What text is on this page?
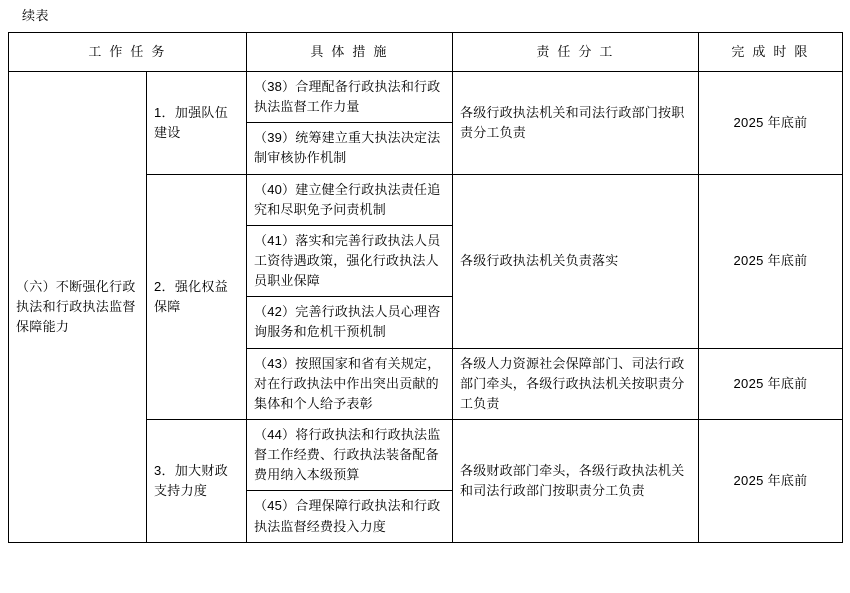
续表
工 作 任 务		具 体 措 施	责 任 分 工	完 成 时 限
（六）不断强化行政执法和行政执法监督保障能力	1．加强队伍建设	（38）合理配备行政执法和行政执法监督工作力量	各级行政执法机关和司法行政部门按职责分工负责	2025 年底前
		（39）统筹建立重大执法决定法制审核协作机制		
	2．强化权益保障	（40）建立健全行政执法责任追究和尽职免予问责机制	各级行政执法机关负责落实	2025 年底前
		（41）落实和完善行政执法人员工资待遇政策，强化行政执法人员职业保障		
		（42）完善行政执法人员心理咨询服务和危机干预机制		
		（43）按照国家和省有关规定，对在行政执法中作出突出贡献的集体和个人给予表彰	各级人力资源社会保障部门、司法行政部门牵头，各级行政执法机关按职责分工负责	2025 年底前
	3．加大财政支持力度	（44）将行政执法和行政执法监督工作经费、行政执法装备配备费用纳入本级预算	各级财政部门牵头，各级行政执法机关和司法行政部门按职责分工负责	2025 年底前
		（45）合理保障行政执法和行政执法监督经费投入力度		
